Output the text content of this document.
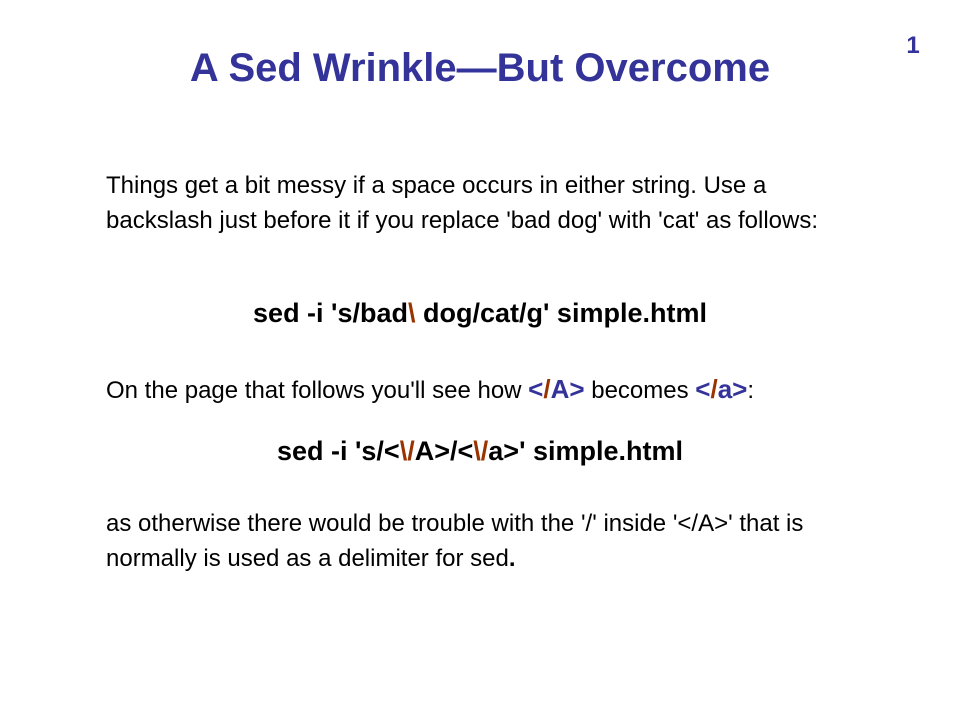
1
A Sed Wrinkle—But Overcome

Things get a bit messy if a space occurs in either string. Use a backslash just before it if you replace 'bad dog' with 'cat' as follows:

sed -i 's/bad\ dog/cat/g' simple.html

On the page that follows you'll see how </A> becomes </a>:

sed -i 's/<\/A>/<\/a>' simple.html

as otherwise there would be trouble with the '/' inside '</A>' that is normally is used as a delimiter for sed.
